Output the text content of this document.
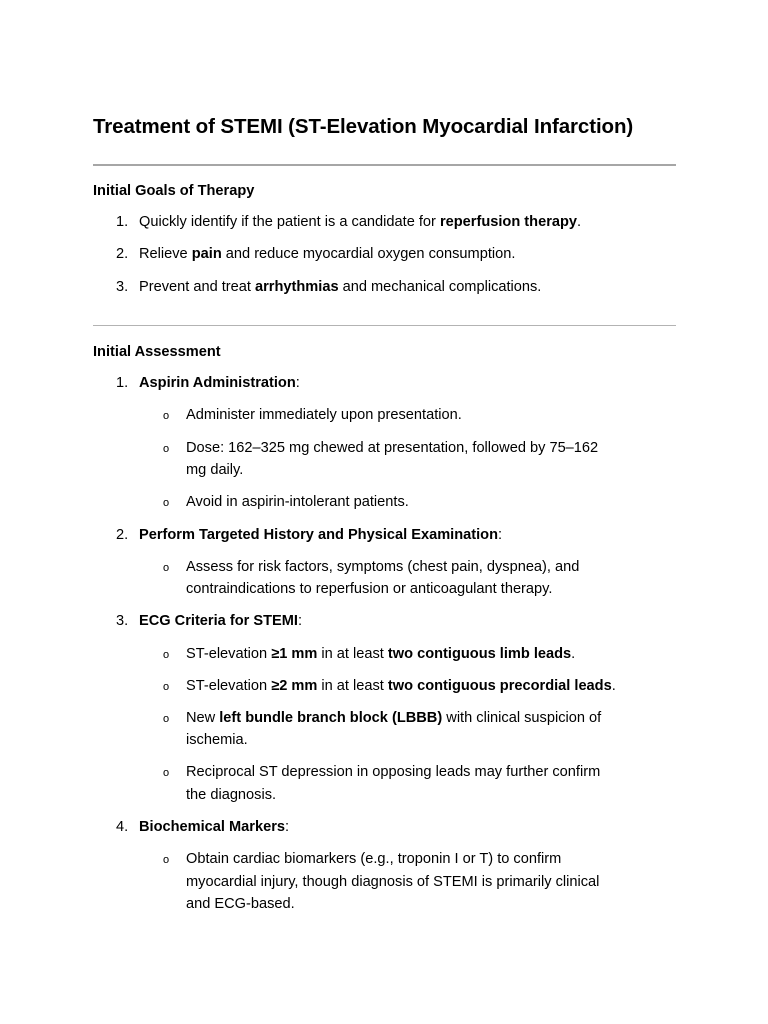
Treatment of STEMI (ST-Elevation Myocardial Infarction)
Initial Goals of Therapy
1. Quickly identify if the patient is a candidate for reperfusion therapy.
2. Relieve pain and reduce myocardial oxygen consumption.
3. Prevent and treat arrhythmias and mechanical complications.
Initial Assessment
1. Aspirin Administration:
o Administer immediately upon presentation.
o Dose: 162–325 mg chewed at presentation, followed by 75–162
mg daily.
o Avoid in aspirin-intolerant patients.
2. Perform Targeted History and Physical Examination:
o Assess for risk factors, symptoms (chest pain, dyspnea), and
contraindications to reperfusion or anticoagulant therapy.
3. ECG Criteria for STEMI:
o ST-elevation ≥1 mm in at least two contiguous limb leads.
o ST-elevation ≥2 mm in at least two contiguous precordial leads.
o New left bundle branch block (LBBB) with clinical suspicion of
ischemia.
o Reciprocal ST depression in opposing leads may further confirm
the diagnosis.
4. Biochemical Markers:
o Obtain cardiac biomarkers (e.g., troponin I or T) to confirm
myocardial injury, though diagnosis of STEMI is primarily clinical
and ECG-based.
